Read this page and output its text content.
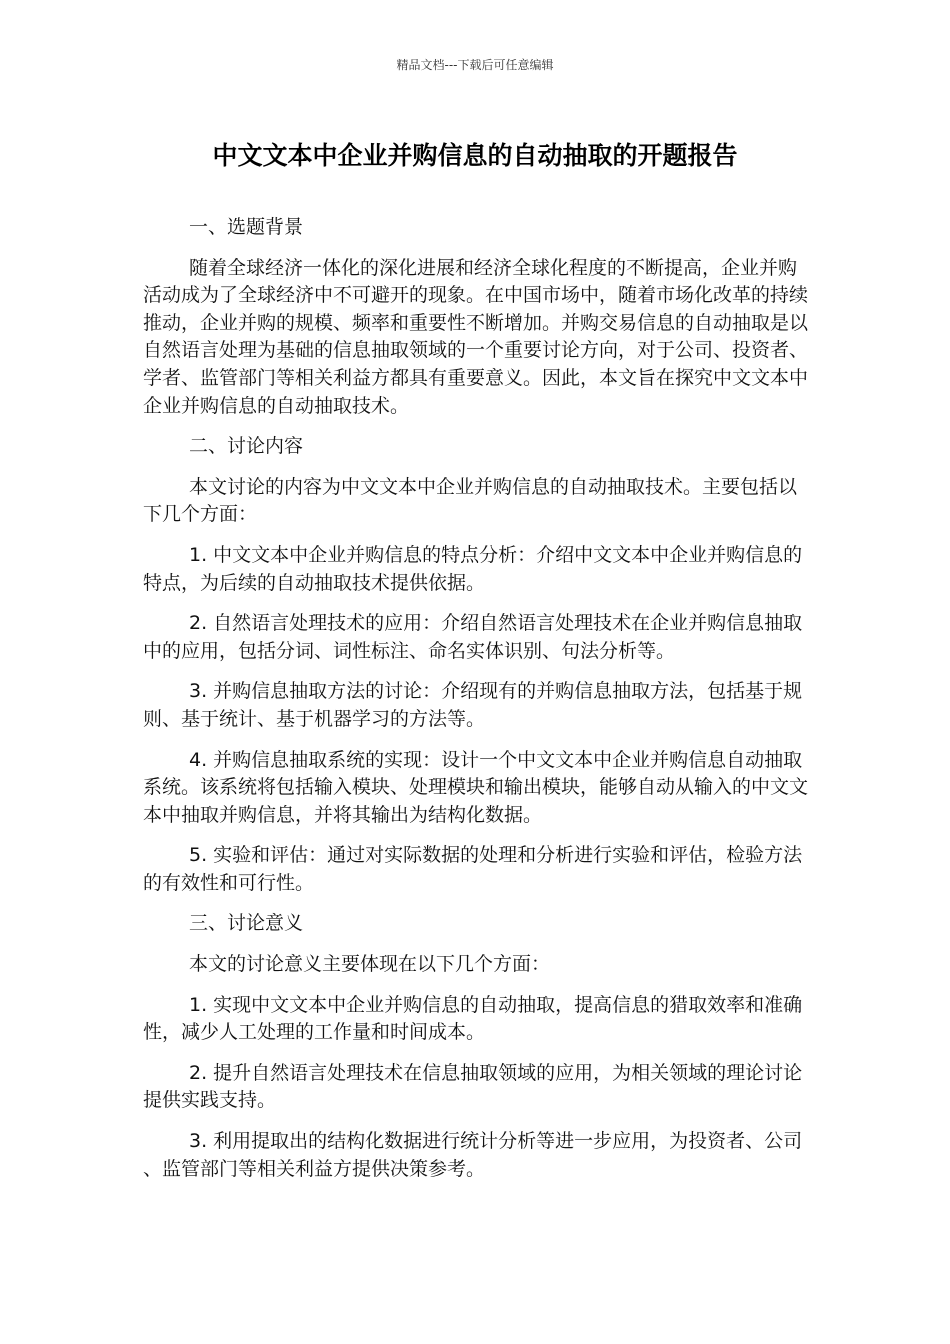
精品文档---下载后可任意编辑
中文文本中企业并购信息的自动抽取的开题报告

一、选题背景

随着全球经济一体化的深化进展和经济全球化程度的不断提高，企业并购活动成为了全球经济中不可避开的现象。在中国市场中，随着市场化改革的持续推动，企业并购的规模、频率和重要性不断增加。并购交易信息的自动抽取是以自然语言处理为基础的信息抽取领域的一个重要讨论方向，对于公司、投资者、学者、监管部门等相关利益方都具有重要意义。因此，本文旨在探究中文文本中企业并购信息的自动抽取技术。

二、讨论内容

本文讨论的内容为中文文本中企业并购信息的自动抽取技术。主要包括以下几个方面：

1. 中文文本中企业并购信息的特点分析：介绍中文文本中企业并购信息的特点，为后续的自动抽取技术提供依据。

2. 自然语言处理技术的应用：介绍自然语言处理技术在企业并购信息抽取中的应用，包括分词、词性标注、命名实体识别、句法分析等。

3. 并购信息抽取方法的讨论：介绍现有的并购信息抽取方法，包括基于规则、基于统计、基于机器学习的方法等。

4. 并购信息抽取系统的实现：设计一个中文文本中企业并购信息自动抽取系统。该系统将包括输入模块、处理模块和输出模块，能够自动从输入的中文文本中抽取并购信息，并将其输出为结构化数据。

5. 实验和评估：通过对实际数据的处理和分析进行实验和评估，检验方法的有效性和可行性。

三、讨论意义

本文的讨论意义主要体现在以下几个方面：

1. 实现中文文本中企业并购信息的自动抽取，提高信息的猎取效率和准确性，减少人工处理的工作量和时间成本。

2. 提升自然语言处理技术在信息抽取领域的应用，为相关领域的理论讨论提供实践支持。

3. 利用提取出的结构化数据进行统计分析等进一步应用，为投资者、公司、监管部门等相关利益方提供决策参考。
